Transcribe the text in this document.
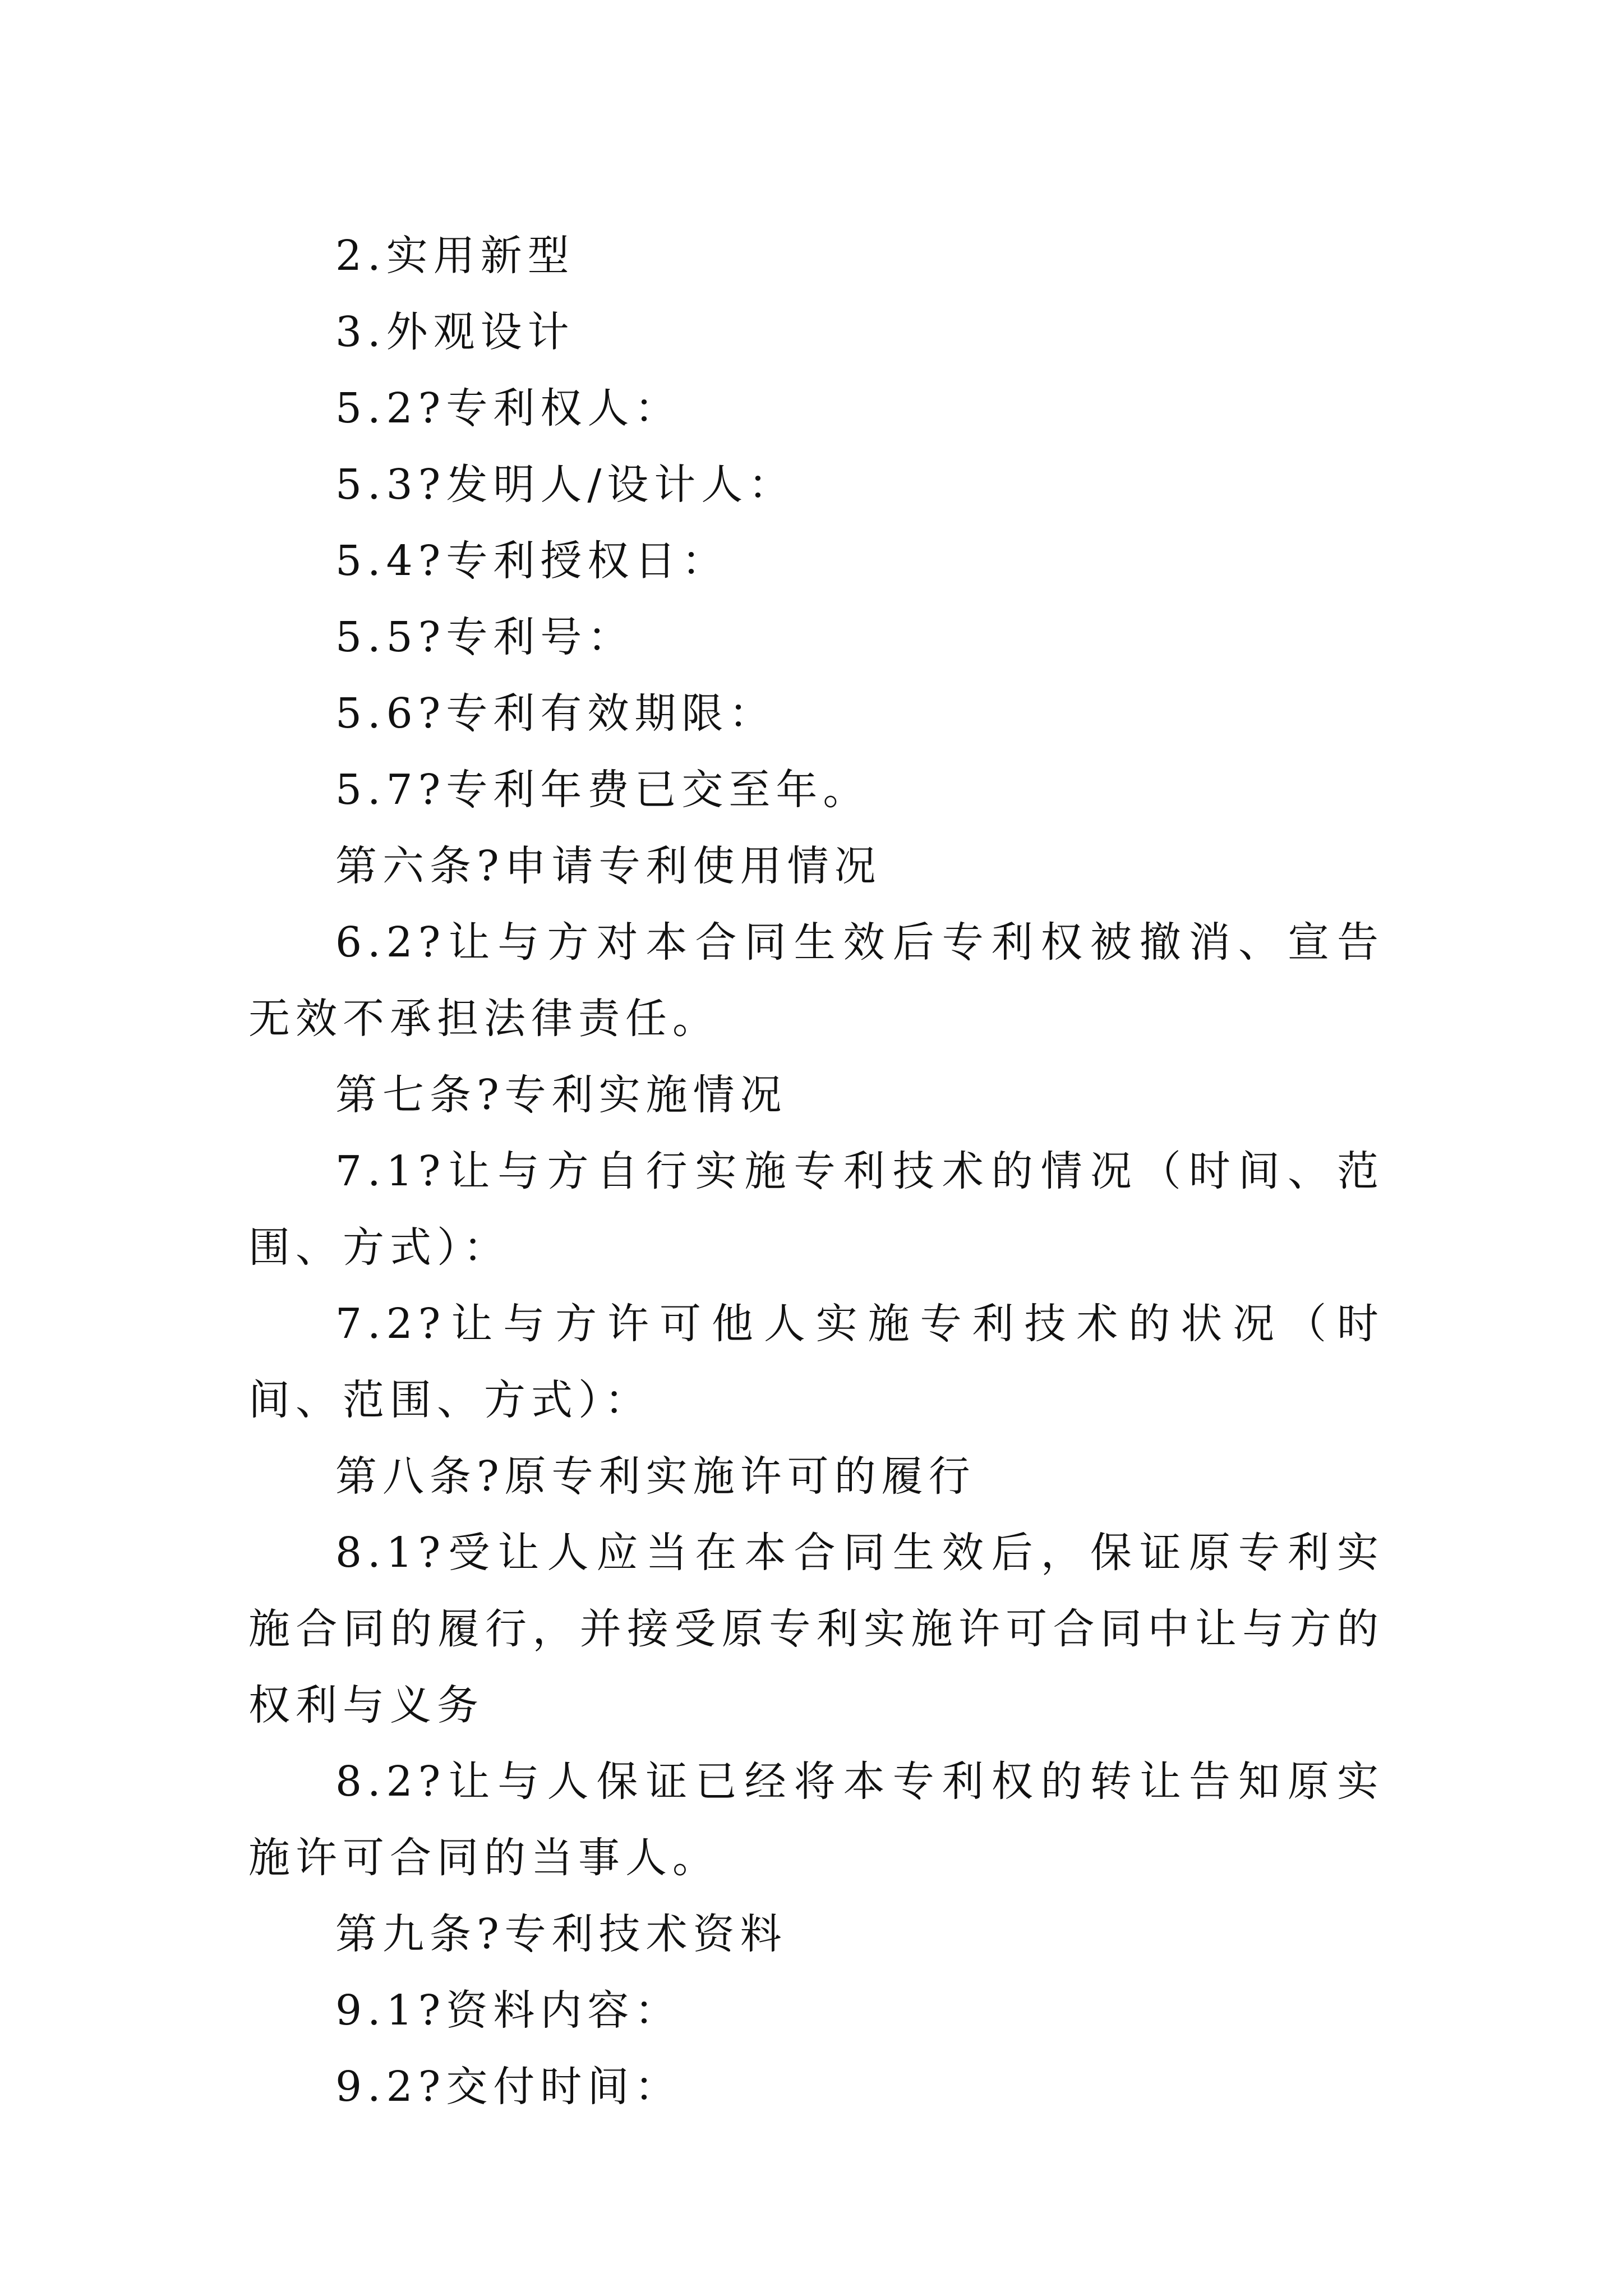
2.实用新型

3.外观设计

5.2?专利权人：

5.3?发明人/设计人：

5.4?专利授权日：

5.5?专利号：

5.6?专利有效期限：

5.7?专利年费已交至年。

第六条?申请专利使用情况

6.2?让与方对本合同生效后专利权被撤消、宣告无效不承担法律责任。

第七条?专利实施情况

7.1?让与方自行实施专利技术的情况（时间、范围、方式）：

7.2?让与方许可他人实施专利技术的状况（时间、范围、方式）：

第八条?原专利实施许可的履行

8.1?受让人应当在本合同生效后，保证原专利实施合同的履行，并接受原专利实施许可合同中让与方的权利与义务

8.2?让与人保证已经将本专利权的转让告知原实施许可合同的当事人。

第九条?专利技术资料

9.1?资料内容：

9.2?交付时间：
